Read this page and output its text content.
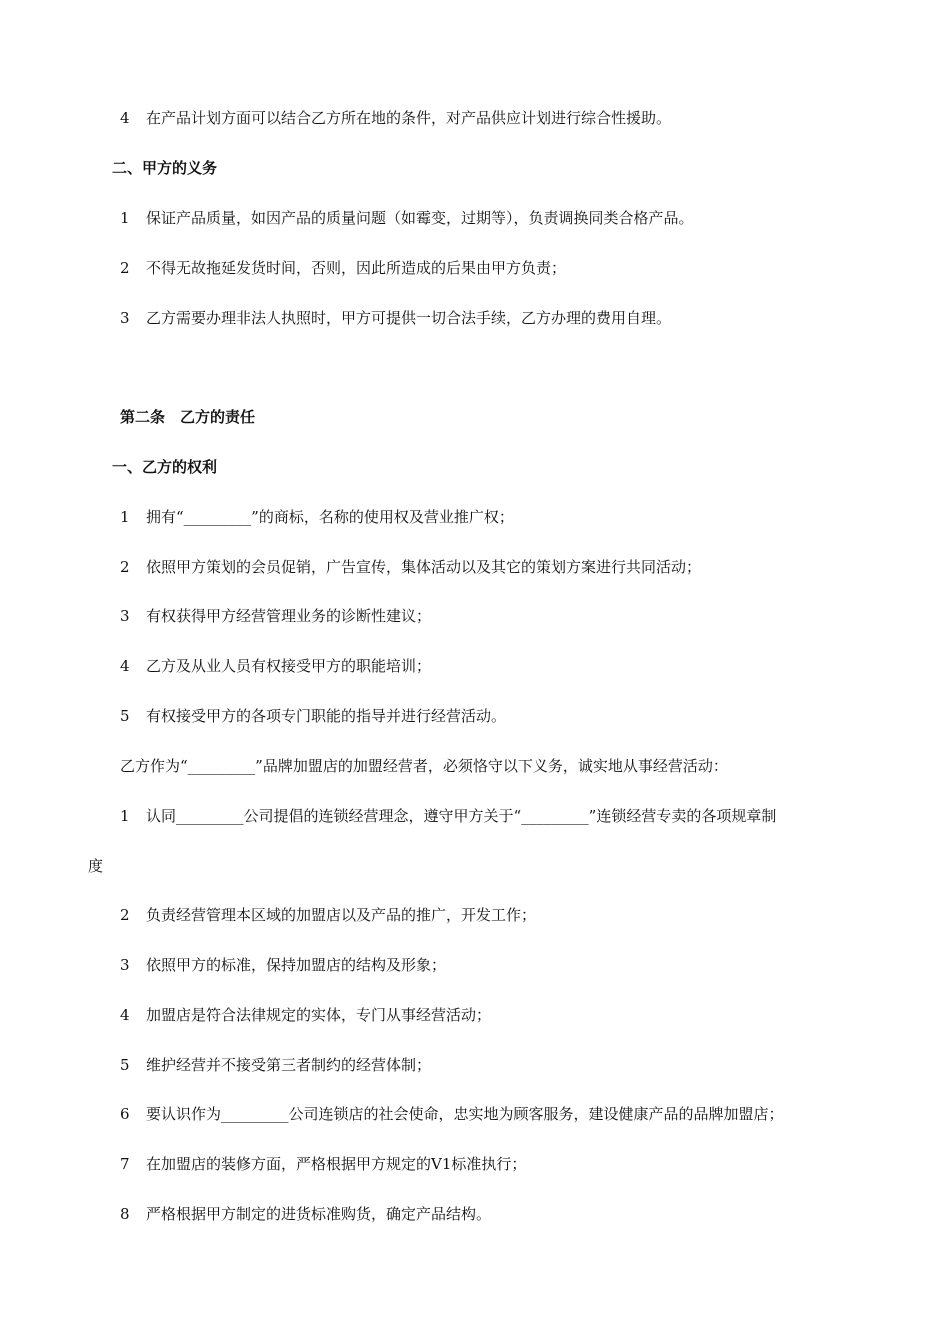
4 在产品计划方面可以结合乙方所在地的条件，对产品供应计划进行综合性援助。
二、甲方的义务
1 保证产品质量，如因产品的质量问题（如霉变，过期等），负责调换同类合格产品。
2 不得无故拖延发货时间，否则，因此所造成的后果由甲方负责；
3 乙方需要办理非法人执照时，甲方可提供一切合法手续，乙方办理的费用自理。
第二条　乙方的责任
一、乙方的权利
1 拥有“_________”的商标，名称的使用权及营业推广权；
2 依照甲方策划的会员促销，广告宣传，集体活动以及其它的策划方案进行共同活动；
3 有权获得甲方经营管理业务的诊断性建议；
4 乙方及从业人员有权接受甲方的职能培训；
5 有权接受甲方的各项专门职能的指导并进行经营活动。
乙方作为“_________”品牌加盟店的加盟经营者，必须恪守以下义务，诚实地从事经营活动：
1 认同_________公司提倡的连锁经营理念，遵守甲方关于“_________”连锁经营专卖的各项规章制
度
2 负责经营管理本区域的加盟店以及产品的推广，开发工作；
3 依照甲方的标准，保持加盟店的结构及形象；
4 加盟店是符合法律规定的实体，专门从事经营活动；
5 维护经营并不接受第三者制约的经营体制；
6 要认识作为_________公司连锁店的社会使命，忠实地为顾客服务，建设健康产品的品牌加盟店；
7 在加盟店的装修方面，严格根据甲方规定的V1标准执行；
8 严格根据甲方制定的进货标准购货，确定产品结构。
